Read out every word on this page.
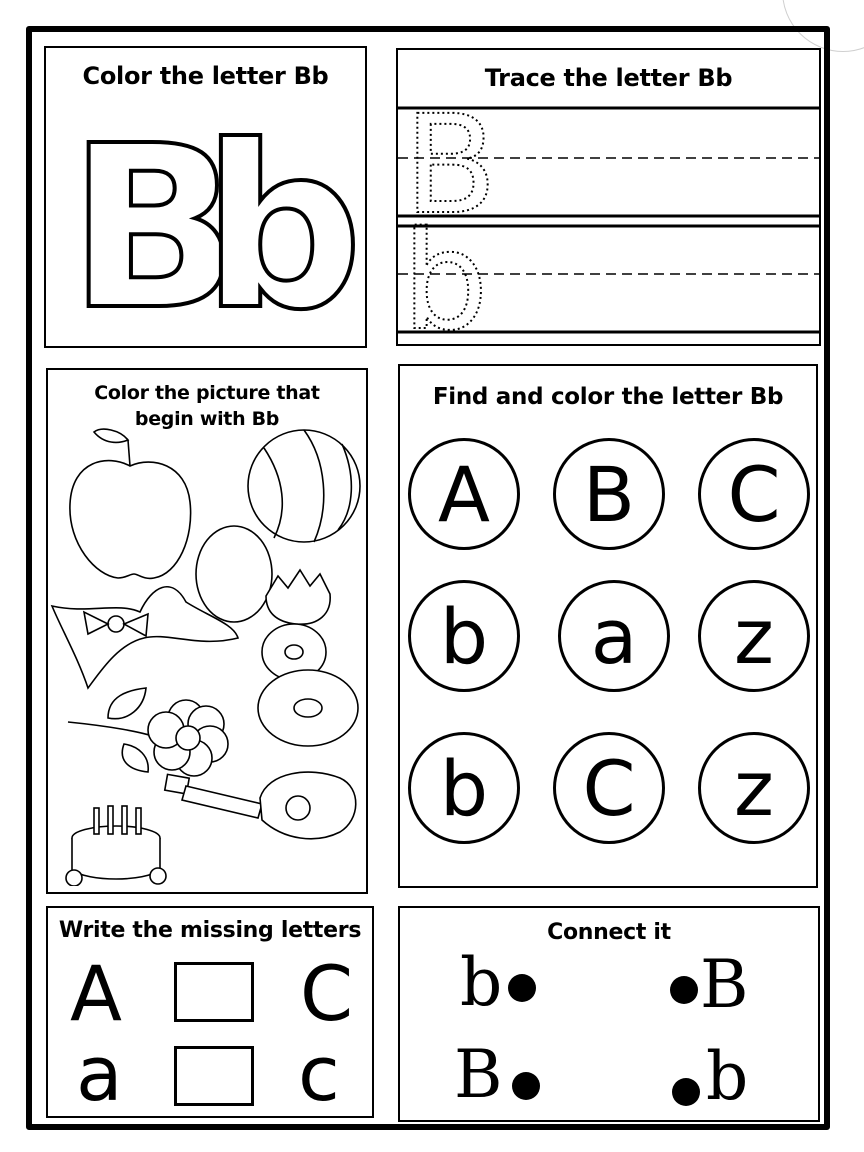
Color the letter Bb
B
b
Trace the letter Bb
B
b
Color the picture that
begin with Bb
Find and color the letter Bb
A	B	C
b	a	z
b	C	z
Write the missing letters
A C
a c
Connect it
b	B
B	b
